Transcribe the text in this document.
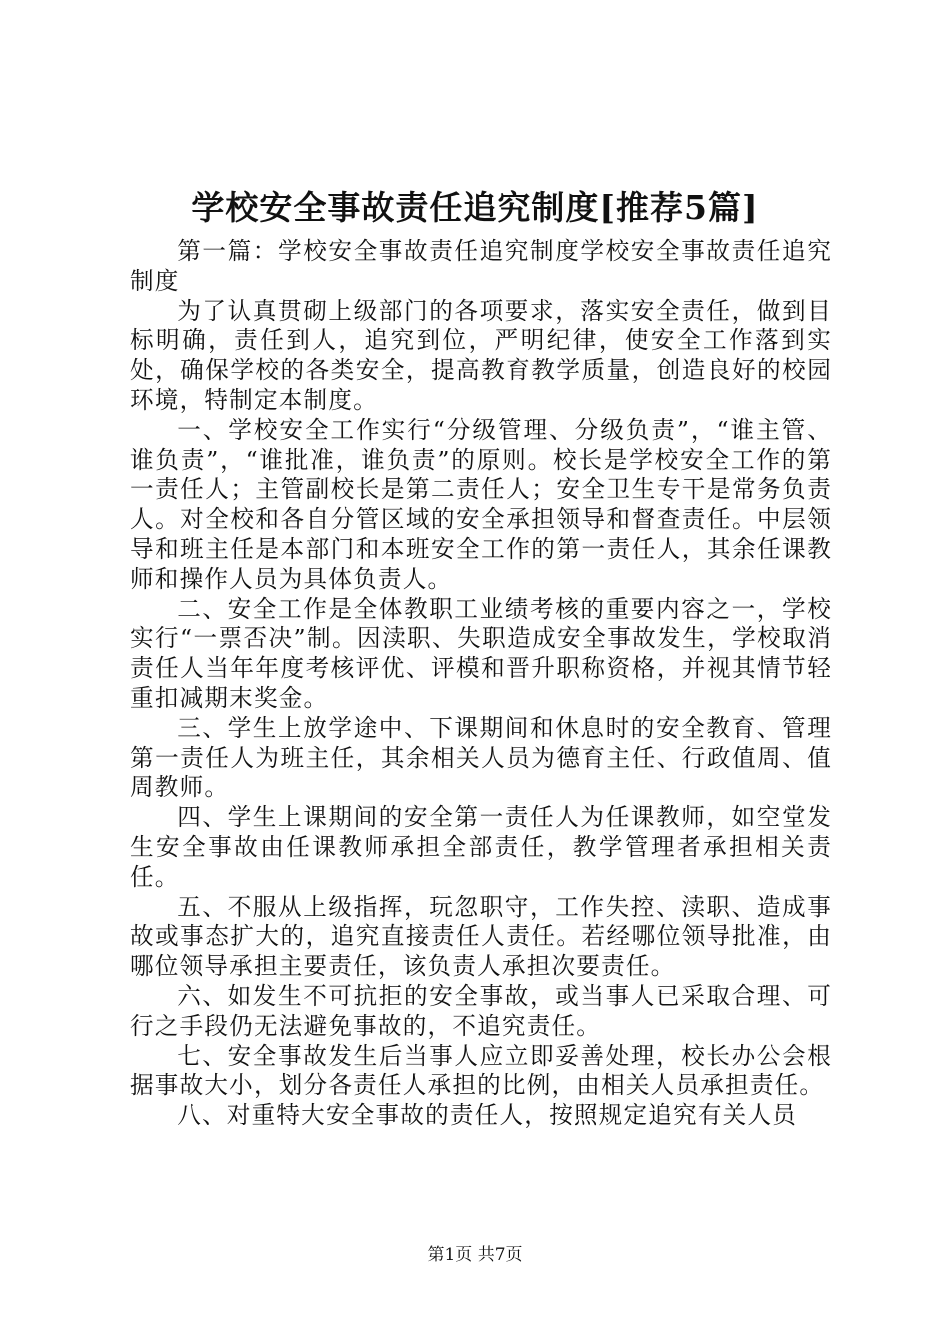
学校安全事故责任追究制度[推荐5篇]

第一篇：学校安全事故责任追究制度学校安全事故责任追究制度

为了认真贯砌上级部门的各项要求，落实安全责任，做到目标明确，责任到人，追究到位，严明纪律，使安全工作落到实处，确保学校的各类安全，提高教育教学质量，创造良好的校园环境，特制定本制度。

一、学校安全工作实行“分级管理、分级负责”，“谁主管、谁负责”，“谁批准，谁负责”的原则。校长是学校安全工作的第一责任人；主管副校长是第二责任人；安全卫生专干是常务负责人。对全校和各自分管区域的安全承担领导和督查责任。中层领导和班主任是本部门和本班安全工作的第一责任人，其余任课教师和操作人员为具体负责人。

二、安全工作是全体教职工业绩考核的重要内容之一，学校实行“一票否决”制。因渎职、失职造成安全事故发生，学校取消责任人当年年度考核评优、评模和晋升职称资格，并视其情节轻重扣减期末奖金。

三、学生上放学途中、下课期间和休息时的安全教育、管理第一责任人为班主任，其余相关人员为德育主任、行政值周、值周教师。

四、学生上课期间的安全第一责任人为任课教师，如空堂发生安全事故由任课教师承担全部责任，教学管理者承担相关责任。

五、不服从上级指挥，玩忽职守，工作失控、渎职、造成事故或事态扩大的，追究直接责任人责任。若经哪位领导批准，由哪位领导承担主要责任，该负责人承担次要责任。

六、如发生不可抗拒的安全事故，或当事人已采取合理、可行之手段仍无法避免事故的，不追究责任。

七、安全事故发生后当事人应立即妥善处理，校长办公会根据事故大小，划分各责任人承担的比例，由相关人员承担责任。

八、对重特大安全事故的责任人，按照规定追究有关人员

第1页 共7页
